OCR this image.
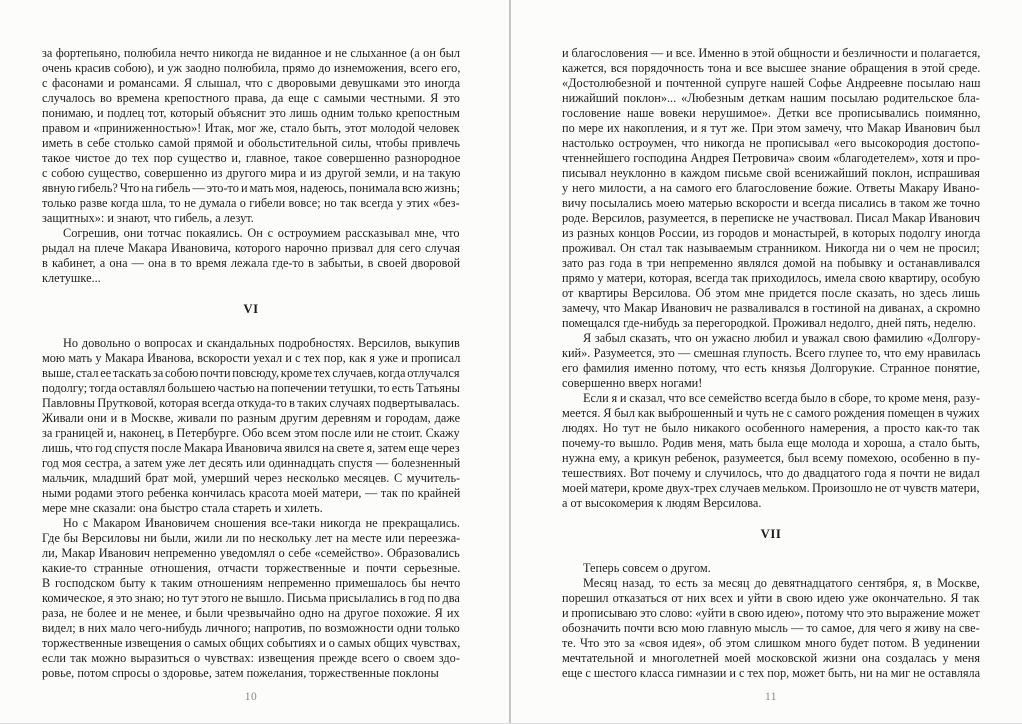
за фортепьяно, полюбила нечто никогда не виданное и не слыханное (а он был
очень красив собою), и уж заодно полюбила, прямо до изнеможения, всего его,
с фасонами и романсами. Я слышал, что с дворовыми девушками это иногда
случалось во времена крепостного права, да еще с самыми честными. Я это
понимаю, и подлец тот, который объяснит это лишь одним только крепостным
правом и «приниженностью»! Итак, мог же, стало быть, этот молодой человек
иметь в себе столько самой прямой и обольстительной силы, чтобы привлечь
такое чистое до тех пор существо и, главное, такое совершенно разнородное
с собою существо, совершенно из другого мира и из другой земли, и на такую
явную гибель? Что на гибель — это-то и мать моя, надеюсь, понимала всю жизнь;
только разве когда шла, то не думала о гибели вовсе; но так всегда у этих «без-
защитных»: и знают, что гибель, а лезут.
Согрешив, они тотчас покаялись. Он с остроумием рассказывал мне, что
рыдал на плече Макара Ивановича, которого нарочно призвал для сего случая
в кабинет, а она — она в то время лежала где-то в забытьи, в своей дворовой
клетушке...
VI
Но довольно о вопросах и скандальных подробностях. Версилов, выкупив
мою мать у Макара Иванова, вскорости уехал и с тех пор, как я уже и прописал
выше, стал ее таскать за собою почти повсюду, кроме тех случаев, когда отлучался
подолгу; тогда оставлял большею частью на попечении тетушки, то есть Татьяны
Павловны Прутковой, которая всегда откуда-то в таких случаях подвертывалась.
Живали они и в Москве, живали по разным другим деревням и городам, даже
за границей и, наконец, в Петербурге. Обо всем этом после или не стоит. Скажу
лишь, что год спустя после Макара Ивановича явился на свете я, затем еще через
год моя сестра, а затем уже лет десять или одиннадцать спустя — болезненный
мальчик, младший брат мой, умерший через несколько месяцев. С мучитель-
ными родами этого ребенка кончилась красота моей матери, — так по крайней
мере мне сказали: она быстро стала стареть и хилеть.
Но с Макаром Ивановичем сношения все-таки никогда не прекращались.
Где бы Версиловы ни были, жили ли по нескольку лет на месте или переезжа-
ли, Макар Иванович непременно уведомлял о себе «семейство». Образовались
какие-то странные отношения, отчасти торжественные и почти серьезные.
В господском быту к таким отношениям непременно примешалось бы нечто
комическое, я это знаю; но тут этого не вышло. Письма присылались в год по два
раза, не более и не менее, и были чрезвычайно одно на другое похожие. Я их
видел; в них мало чего-нибудь личного; напротив, по возможности одни только
торжественные извещения о самых общих событиях и о самых общих чувствах,
если так можно выразиться о чувствах: извещения прежде всего о своем здо-
ровье, потом спросы о здоровье, затем пожелания, торжественные поклоны
10
и благословения — и все. Именно в этой общности и безличности и полагается,
кажется, вся порядочность тона и все высшее знание обращения в этой среде.
«Достолюбезной и почтенной супруге нашей Софье Андреевне посылаю наш
нижайший поклон»... «Любезным деткам нашим посылаю родительское бла-
гословение наше вовеки нерушимое». Детки все прописывались поимянно,
по мере их накопления, и я тут же. При этом замечу, что Макар Иванович был
настолько остроумен, что никогда не прописывал «его высокородия достопо-
чтеннейшего господина Андрея Петровича» своим «благодетелем», хотя и про-
писывал неуклонно в каждом письме свой всенижайший поклон, испрашивая
у него милости, а на самого его благословение божие. Ответы Макару Ивано-
вичу посылались моею матерью вскорости и всегда писались в таком же точно
роде. Версилов, разумеется, в переписке не участвовал. Писал Макар Иванович
из разных концов России, из городов и монастырей, в которых подолгу иногда
проживал. Он стал так называемым странником. Никогда ни о чем не просил;
зато раз года в три непременно являлся домой на побывку и останавливался
прямо у матери, которая, всегда так приходилось, имела свою квартиру, особую
от квартиры Версилова. Об этом мне придется после сказать, но здесь лишь
замечу, что Макар Иванович не разваливался в гостиной на диванах, а скромно
помещался где-нибудь за перегородкой. Проживал недолго, дней пять, неделю.
Я забыл сказать, что он ужасно любил и уважал свою фамилию «Долгору-
кий». Разумеется, это — смешная глупость. Всего глупее то, что ему нравилась
его фамилия именно потому, что есть князья Долгорукие. Странное понятие,
совершенно вверх ногами!
Если я и сказал, что все семейство всегда было в сборе, то кроме меня, разу-
меется. Я был как выброшенный и чуть не с самого рождения помещен в чужих
людях. Но тут не было никакого особенного намерения, а просто как-то так
почему-то вышло. Родив меня, мать была еще молода и хороша, а стало быть,
нужна ему, а крикун ребенок, разумеется, был всему помехою, особенно в пу-
тешествиях. Вот почему и случилось, что до двадцатого года я почти не видал
моей матери, кроме двух-трех случаев мельком. Произошло не от чувств матери,
а от высокомерия к людям Версилова.
VII
Теперь совсем о другом.
Месяц назад, то есть за месяц до девятнадцатого сентября, я, в Москве,
порешил отказаться от них всех и уйти в свою идею уже окончательно. Я так
и прописываю это слово: «уйти в свою идею», потому что это выражение может
обозначить почти всю мою главную мысль — то самое, для чего я живу на све-
те. Что это за «своя идея», об этом слишком много будет потом. В уединении
мечтательной и многолетней моей московской жизни она создалась у меня
еще с шестого класса гимназии и с тех пор, может быть, ни на миг не оставляла
11
